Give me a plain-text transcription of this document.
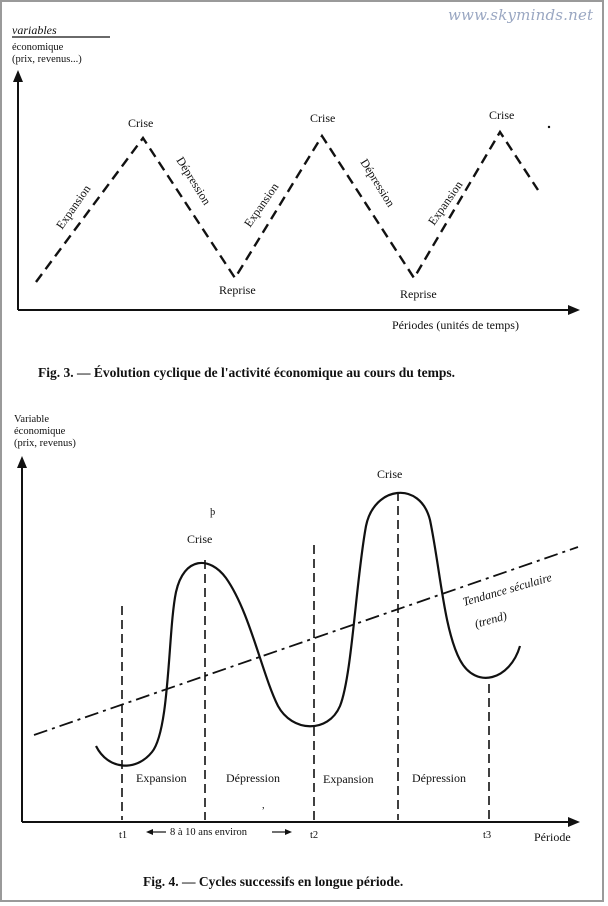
www.skyminds.net
variables
économique
(prix, revenus...)
Périodes (unités de temps)
Crise	Crise	Crise
Reprise	Reprise
Expansion	Expansion	Expansion
Dépression	Dépression
Fig. 3. — Évolution cyclique de l'activité économique au cours du temps.
Variable
économique
(prix, revenus)
Crise
Crise
þ
Tendance séculaire
(trend)
Expansion	Dépression	Expansion	Dépression
,
t1	t2	t3
8 à 10 ans environ	Période
Fig. 4. — Cycles successifs en longue période.
